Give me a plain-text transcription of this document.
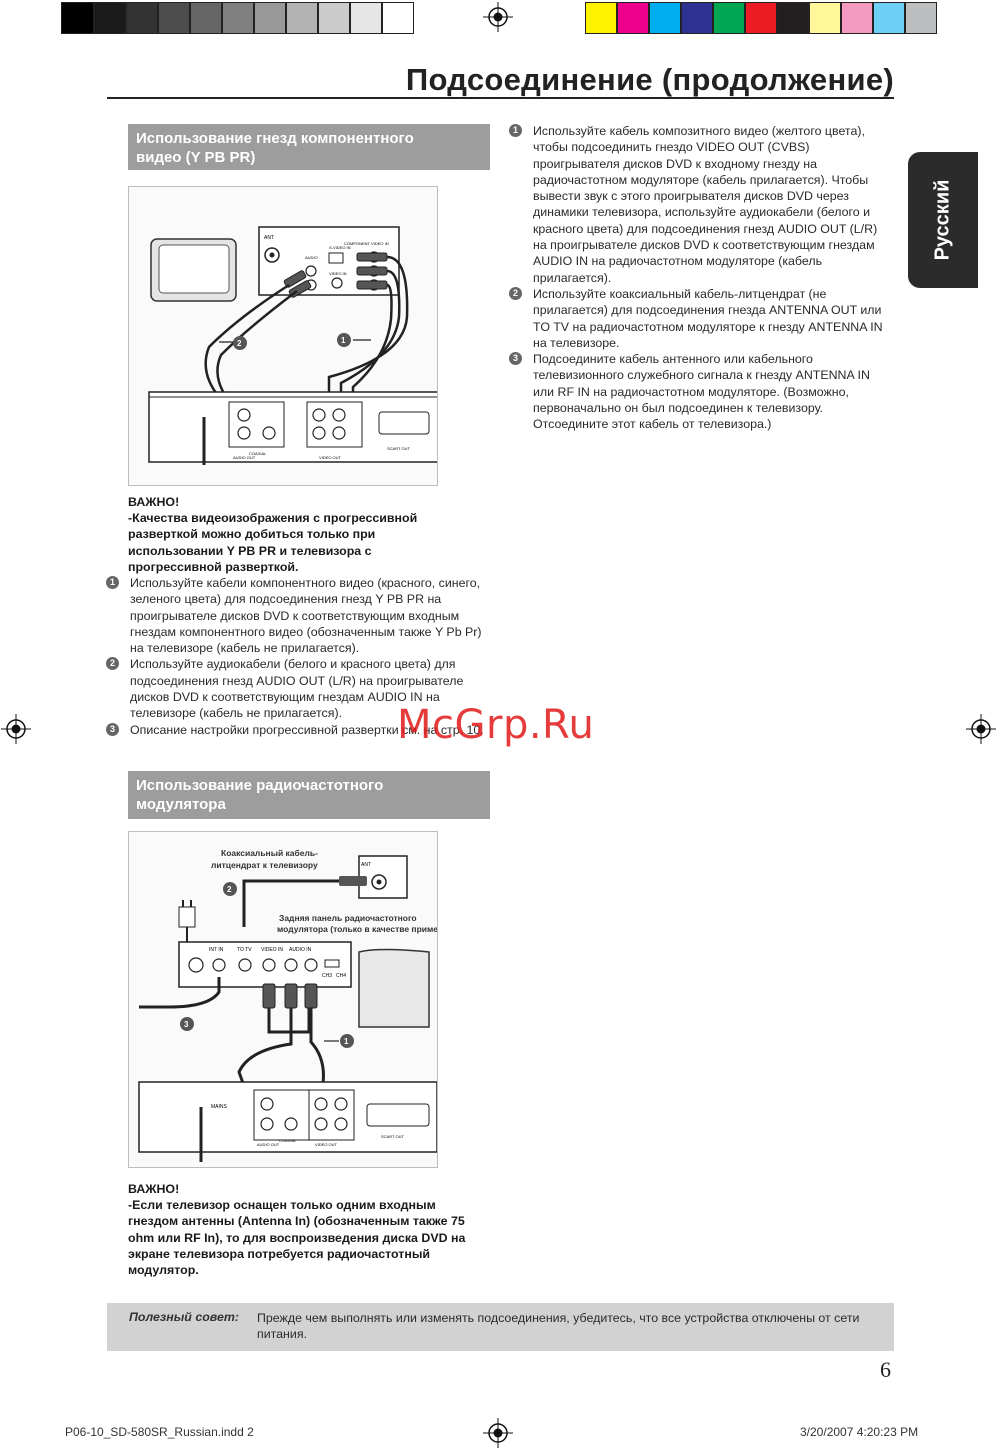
Подсоединение (продолжение)
Русский
Использование гнезд компонентного
видео (Y PB PR)
ANT
S-VIDEO IN
COMPONENT VIDEO IN
VIDEO IN
AUDIO
2	1
COAXIAL
AUDIO OUT	VIDEO OUT
SCART OUT
ВАЖНО!
-Качества видеоизображения с прогрессивной разверткой можно добиться только при использовании Y PB PR и телевизора с прогрессивной разверткой.
1	Используйте кабели компонентного видео (красного, синего, зеленого цвета) для подсоединения гнезд Y PB PR на проигрывателе дисков DVD к соответствующим входным гнездам компонентного видео (обозначенным также Y Pb Pr) на телевизоре (кабель не прилагается).
2	Используйте аудиокабели (белого и красного цвета) для подсоединения гнезд AUDIO OUT (L/R) на проигрывателе дисков DVD к соответствующим гнездам AUDIO IN на телевизоре (кабель не прилагается).
3	Описание настройки прогрессивной развертки см. на стр. 10.
Использование радиочастотного
модулятора
Коаксиальный кабель-
литцендрат к телевизору	ANT
2
Задняя панель радиочастотного
модулятора (только в качестве примера)
INT IN	TO TV VIDEO IN AUDIO IN
CH3 CH4
3
1
MAINS
COAXIAL
AUDIO OUT	VIDEO OUT
SCART OUT
ВАЖНО!
-Если телевизор оснащен только одним входным гнездом антенны (Antenna In) (обозначенным также 75 ohm или RF In), то для воспроизведения диска DVD на экране телевизора потребуется радиочастотный модулятор.
1	Используйте кабель композитного видео (желтого цвета), чтобы подсоединить гнездо VIDEO OUT (CVBS) проигрывателя дисков DVD к входному гнезду на радиочастотном модуляторе (кабель прилагается). Чтобы вывести звук с этого проигрывателя дисков DVD через динамики телевизора, используйте аудиокабели (белого и красного цвета) для подсоединения гнезд AUDIO OUT (L/R) на проигрывателе дисков DVD к соответствующим гнездам AUDIO IN на радиочастотном модуляторе (кабель прилагается).
2	Используйте коаксиальный кабель-литцендрат (не прилагается) для подсоединения гнезда ANTENNA OUT или TO TV на радиочастотном модуляторе к гнезду ANTENNA IN на телевизоре.
3	Подсоедините кабель антенного или кабельного телевизионного служебного сигнала к гнезду ANTENNA IN или RF IN на радиочастотном модуляторе. (Возможно, первоначально он был подсоединен к телевизору. Отсоедините этот кабель от телевизора.)
McGrp.Ru
Полезный совет: Прежде чем выполнять или изменять подсоединения, убедитесь, что все устройства отключены от сети питания.
6
P06-10_SD-580SR_Russian.indd 2	3/20/2007 4:20:23 PM
